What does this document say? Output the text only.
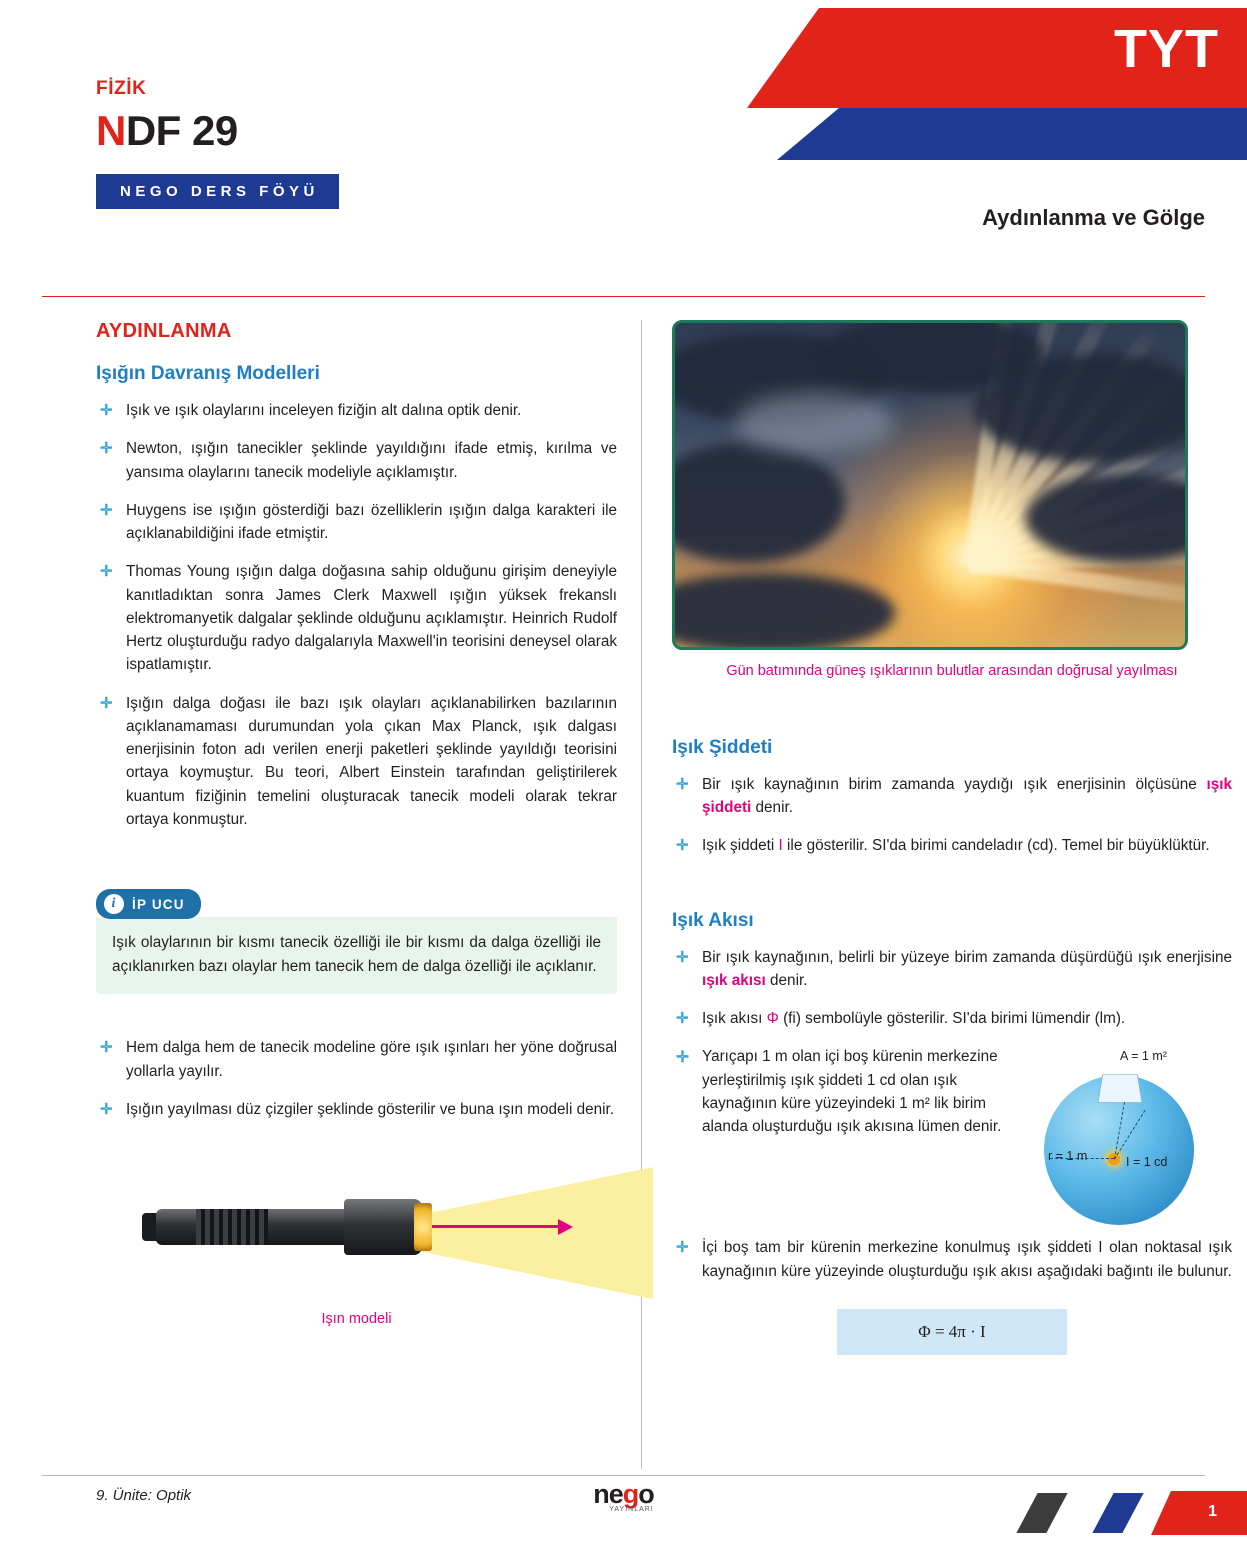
FİZİK
NDF 29
NEGO DERS FÖYÜ
TYT
Aydınlanma ve Gölge
AYDINLANMA
Işığın Davranış Modelleri
✛ Işık ve ışık olaylarını inceleyen fiziğin alt dalına optik denir.
✛ Newton, ışığın tanecikler şeklinde yayıldığını ifade etmiş, kırılma ve yansıma olaylarını tanecik modeliyle açıklamıştır.
✛ Huygens ise ışığın gösterdiği bazı özelliklerin ışığın dalga karakteri ile açıklanabildiğini ifade etmiştir.
✛ Thomas Young ışığın dalga doğasına sahip olduğunu girişim deneyiyle kanıtladıktan sonra James Clerk Maxwell ışığın yüksek frekanslı elektromanyetik dalgalar şeklinde olduğunu açıklamıştır. Heinrich Rudolf Hertz oluşturduğu radyo dalgalarıyla Maxwell'in teorisini deneysel olarak ispatlamıştır.
✛ Işığın dalga doğası ile bazı ışık olayları açıklanabilirken bazılarının açıklanamaması durumundan yola çıkan Max Planck, ışık dalgası enerjisinin foton adı verilen enerji paketleri şeklinde yayıldığı teorisini ortaya koymuştur. Bu teori, Albert Einstein tarafından geliştirilerek kuantum fiziğinin temelini oluşturacak tanecik modeli olarak tekrar ortaya konmuştur.
i	İP UCU
Işık olaylarının bir kısmı tanecik özelliği ile bir kısmı da dalga özelliği ile açıklanırken bazı olaylar hem tanecik hem de dalga özelliği ile açıklanır.
✛ Hem dalga hem de tanecik modeline göre ışık ışınları her yöne doğrusal yollarla yayılır.
✛ Işığın yayılması düz çizgiler şeklinde gösterilir ve buna ışın modeli denir.
Işın modeli
Gün batımında güneş ışıklarının bulutlar arasından doğrusal yayılması
Işık Şiddeti
✛ Bir ışık kaynağının birim zamanda yaydığı ışık enerjisinin ölçüsüne ışık şiddeti denir.
✛ Işık şiddeti I ile gösterilir. SI'da birimi candeladır (cd). Temel bir büyüklüktür.
Işık Akısı
✛ Bir ışık kaynağının, belirli bir yüzeye birim zamanda düşürdüğü ışık enerjisine ışık akısı denir.
✛ Işık akısı Φ (fi) sembolüyle gösterilir. SI'da birimi lümendir (lm).
✛ Yarıçapı 1 m olan içi boş kürenin merkezine yerleştirilmiş ışık şiddeti 1 cd olan ışık kaynağının küre yüzeyindeki 1 m² lik birim alanda oluşturduğu ışık akısına lümen denir.
A = 1 m²
r = 1 m	I = 1 cd
✛ İçi boş tam bir kürenin merkezine konulmuş ışık şiddeti I olan noktasal ışık kaynağının küre yüzeyinde oluşturduğu ışık akısı aşağıdaki bağıntı ile bulunur.
Φ = 4π · I
9. Ünite: Optik	nego
YAYINLARI	1
